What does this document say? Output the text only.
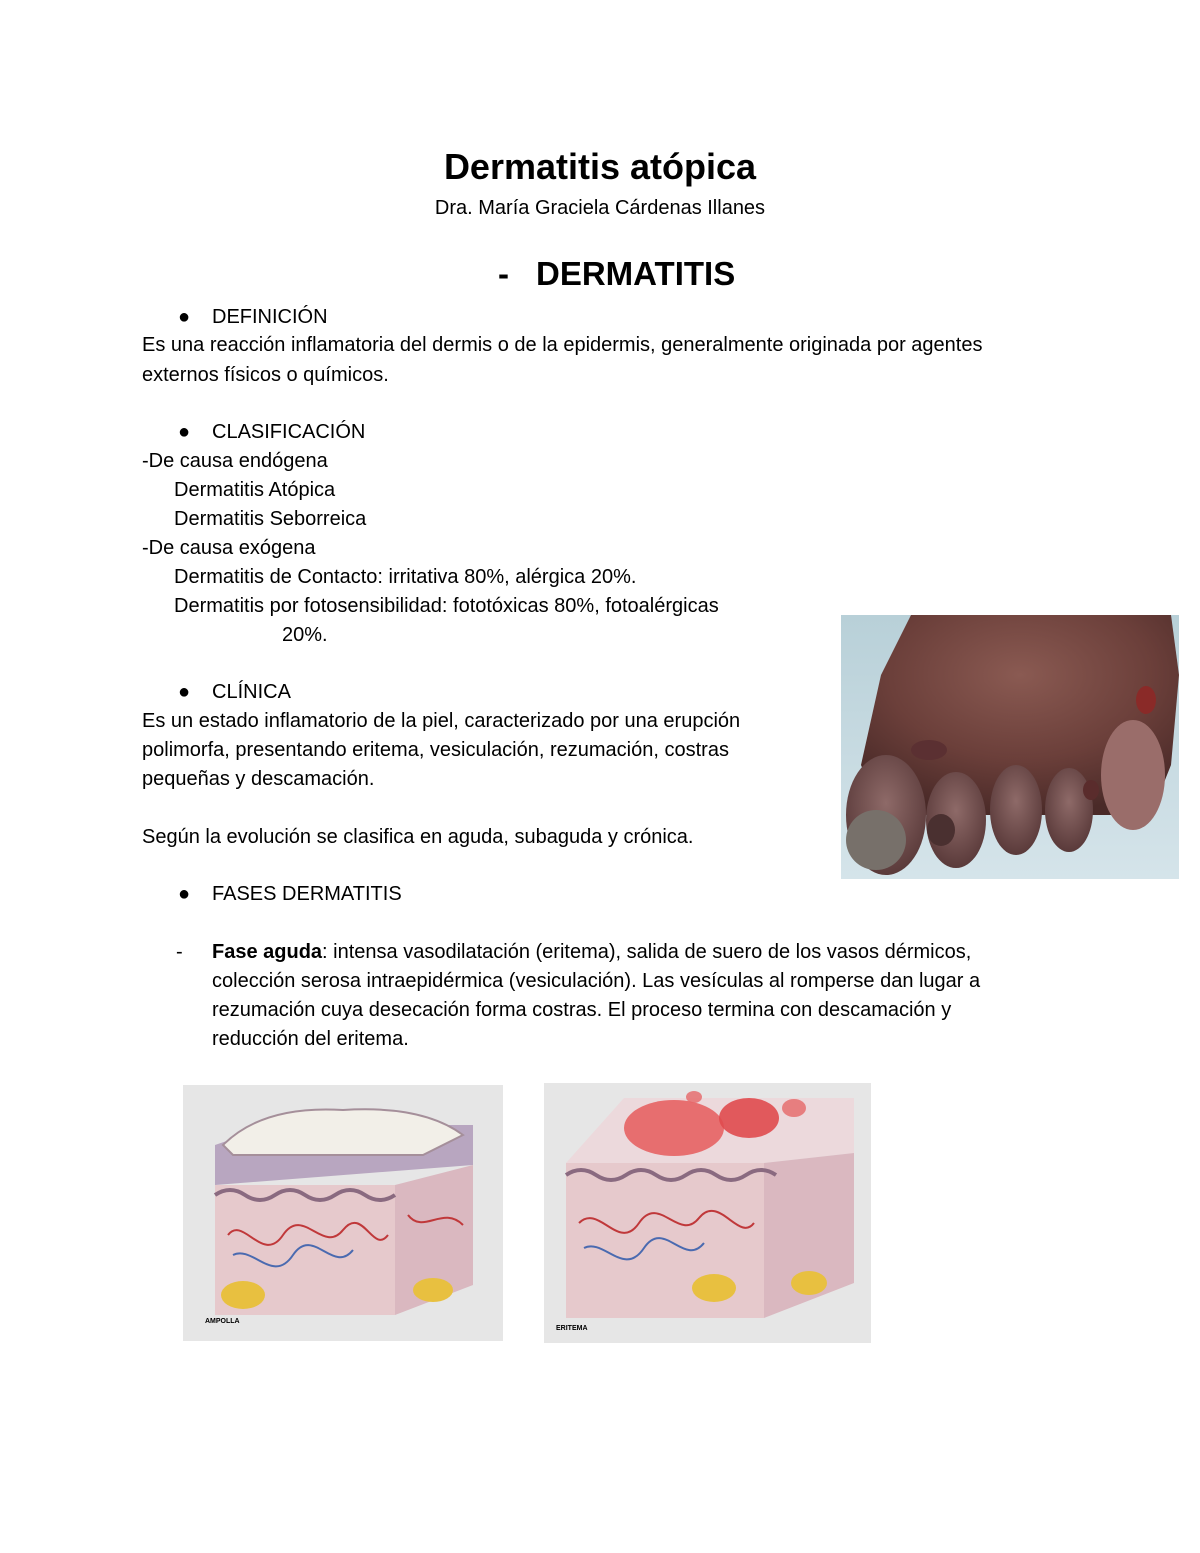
Dermatitis atópica
Dra. María Graciela Cárdenas Illanes
- DERMATITIS
● DEFINICIÓN
Es una reacción inflamatoria del dermis o de la epidermis, generalmente originada por agentes
externos físicos o químicos.
● CLASIFICACIÓN
-De causa endógena
Dermatitis Atópica
Dermatitis Seborreica
-De causa exógena
Dermatitis de Contacto: irritativa 80%, alérgica 20%.
Dermatitis por fotosensibilidad: fototóxicas 80%, fotoalérgicas
20%.
● CLÍNICA
Es un estado inflamatorio de la piel, caracterizado por una erupción
polimorfa, presentando eritema, vesiculación, rezumación, costras
pequeñas y descamación.
Según la evolución se clasifica en aguda, subaguda y crónica.
● FASES DERMATITIS
- Fase aguda: intensa vasodilatación (eritema), salida de suero de los vasos dérmicos,
colección serosa intraepidérmica (vesiculación). Las vesículas al romperse dan lugar a
rezumación cuya desecación forma costras. El proceso termina con descamación y
reducción del eritema.
AMPOLLA
ERITEMA
